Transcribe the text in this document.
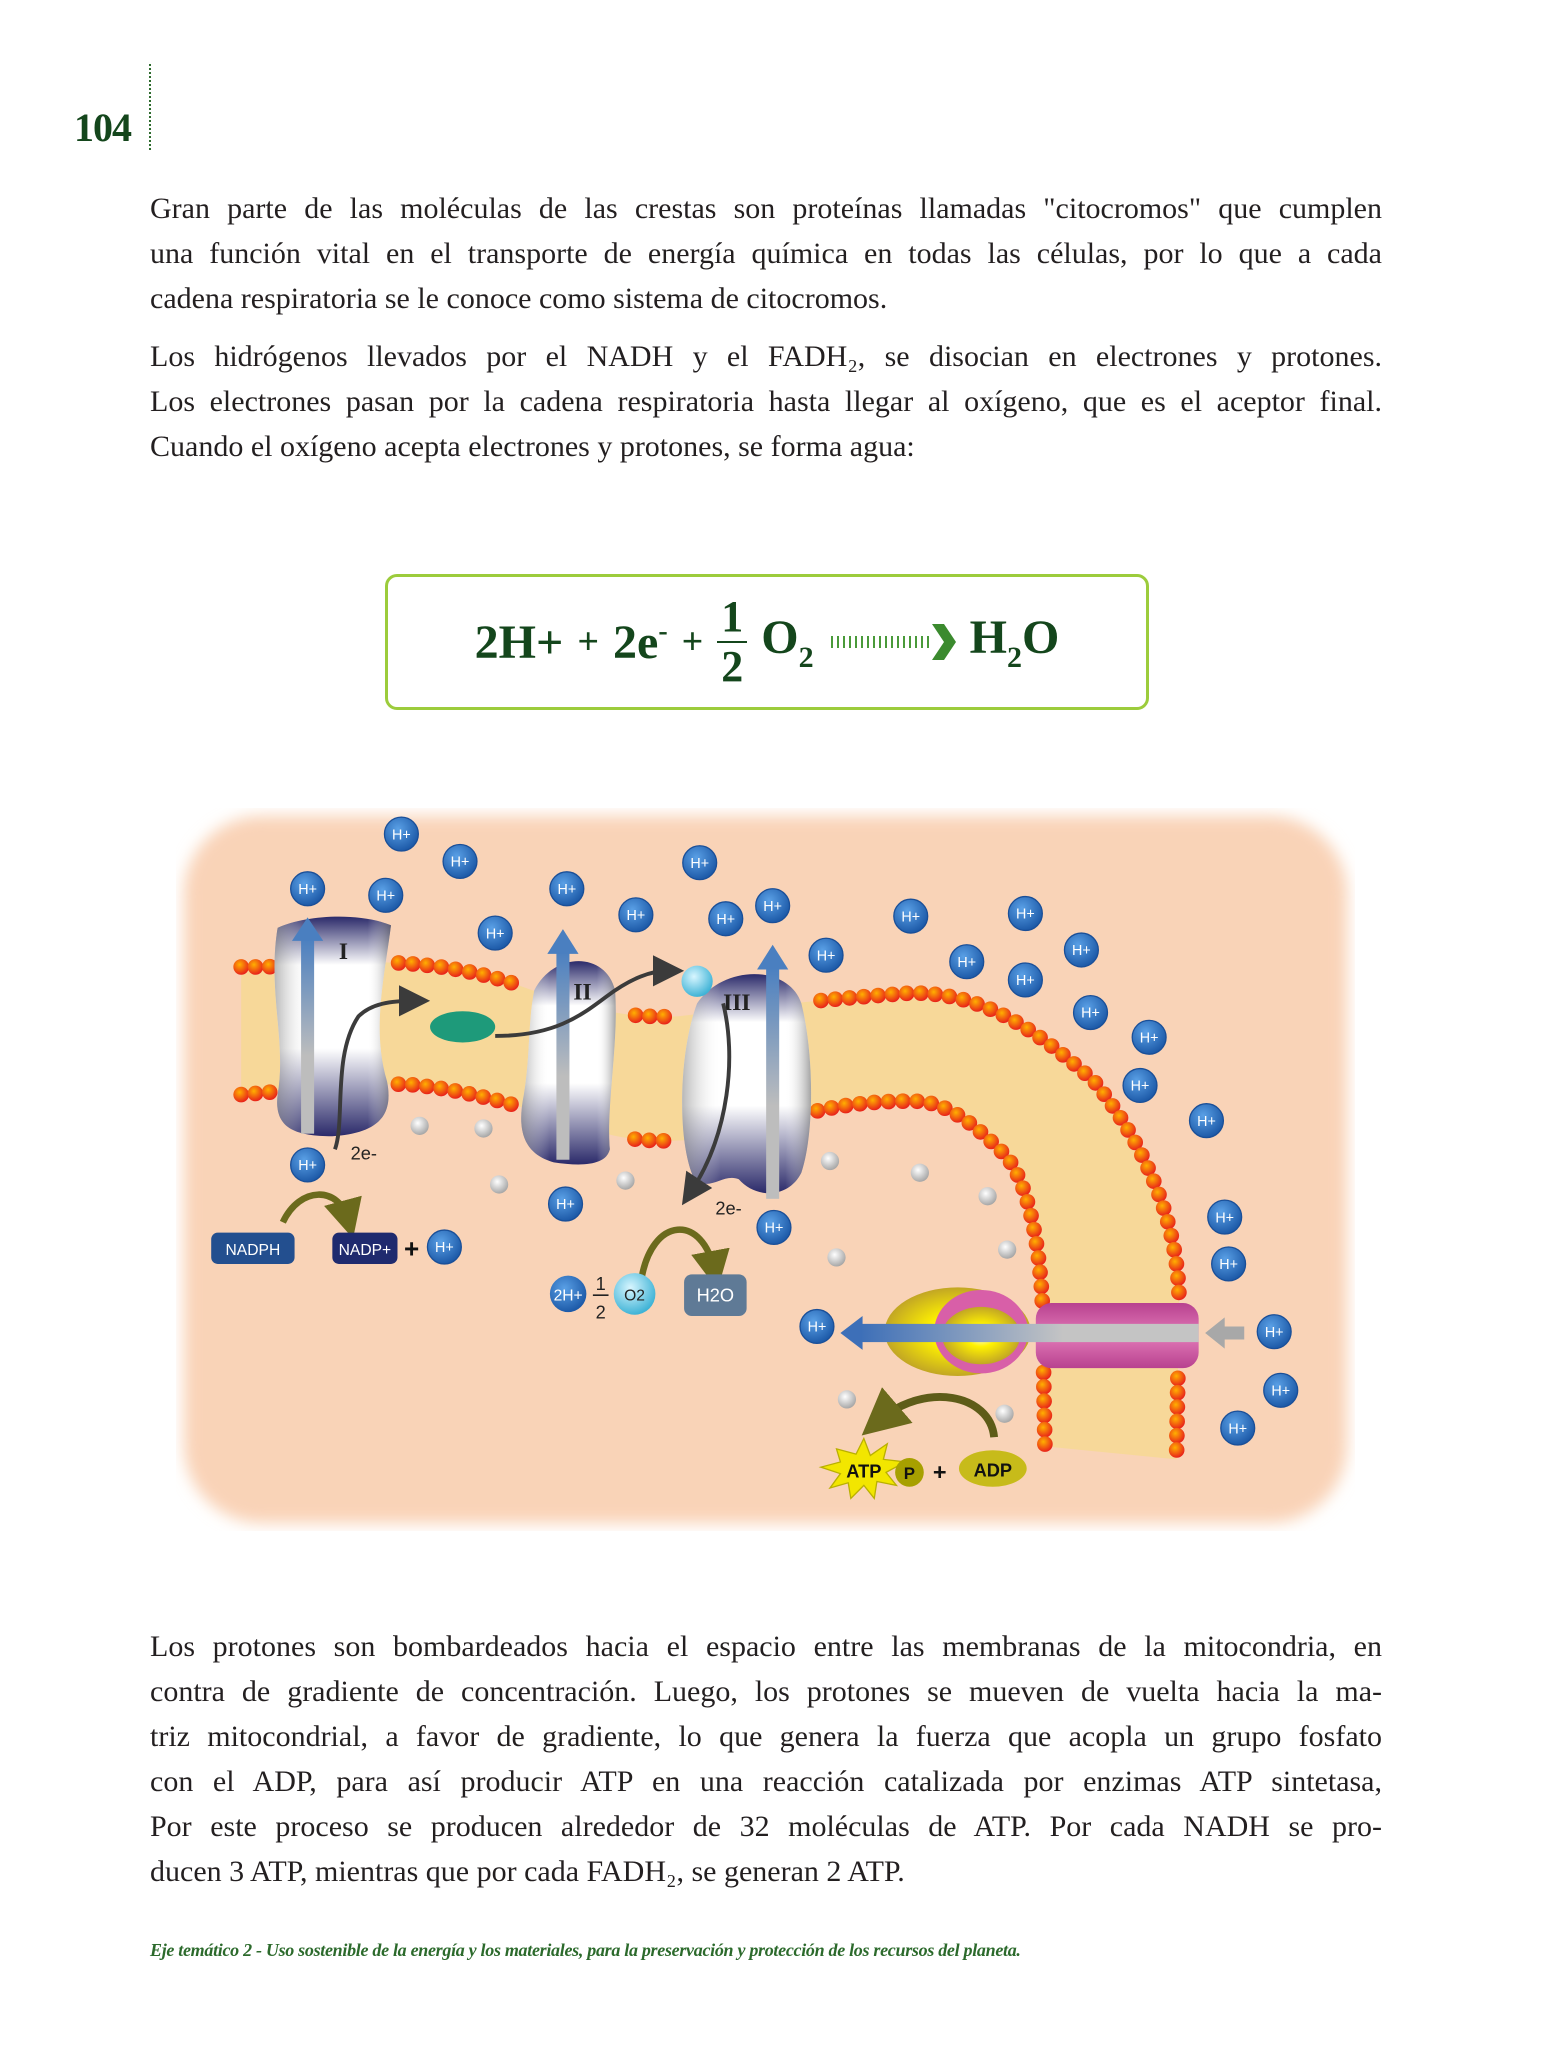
104
Gran parte de las moléculas de las crestas son proteínas llamadas "citocromos" que cumplen
una función vital en el transporte de energía química en todas las células, por lo que a cada
cadena respiratoria se le conoce como sistema de citocromos.
Los hidrógenos llevados por el NADH y el FADH₂, se disocian en electrones y protones.
Los electrones pasan por la cadena respiratoria hasta llegar al oxígeno, que es el aceptor final.
Cuando el oxígeno acepta electrones y protones, se forma agua:
$2H+ + 2e^- + \frac{1}{2} O_2$	$H_2O$
I
II	III
2e-
2e-
NADPH	NADP+ +
2H+
1
2
O2	H2O
ATP P + ADP
H+
H+
H+	H+
H+
H+
H+
H+
H+
H+
H+
H+
H+
H+
H+
H+
H+
H+
H+
H+
H+
H+
H+
H+
H+
H+
H+
H+
H+
H+
Los protones son bombardeados hacia el espacio entre las membranas de la mitocondria, en
contra de gradiente de concentración. Luego, los protones se mueven de vuelta hacia la ma-
triz mitocondrial, a favor de gradiente, lo que genera la fuerza que acopla un grupo fosfato
con el ADP, para así producir ATP en una reacción catalizada por enzimas ATP sintetasa,
Por este proceso se producen alrededor de 32 moléculas de ATP. Por cada NADH se pro-
ducen 3 ATP, mientras que por cada FADH₂, se generan 2 ATP.
Eje temático 2 - Uso sostenible de la energía y los materiales, para la preservación y protección de los recursos del planeta.
